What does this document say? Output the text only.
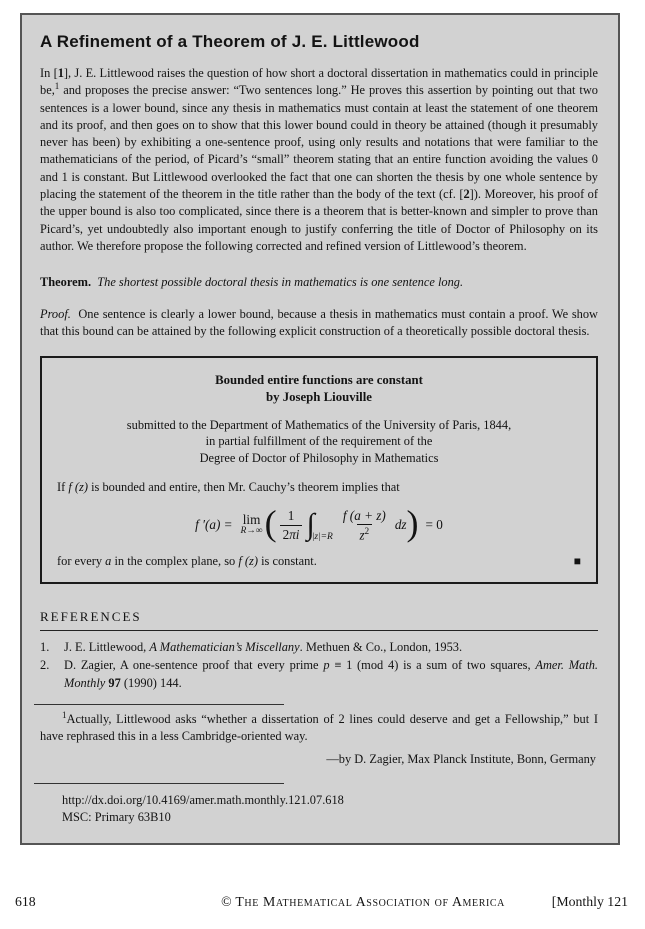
A Refinement of a Theorem of J. E. Littlewood

In [1], J. E. Littlewood raises the question of how short a doctoral dissertation in mathematics could in principle be,$^1$ and proposes the precise answer: “Two sentences long.” He proves this assertion by pointing out that two sentences is a lower bound, since any thesis in mathematics must contain at least the statement of one theorem and its proof, and then goes on to show that this lower bound could in theory be attained (though it presumably never has been) by exhibiting a one-sentence proof, using only results and notations that were familiar to the mathematicians of the period, of Picard’s “small” theorem stating that an entire function avoiding the values 0 and 1 is constant. But Littlewood overlooked the fact that one can shorten the thesis by one whole sentence by placing the statement of the theorem in the title rather than the body of the text (cf. [2]). Moreover, his proof of the upper bound is also too complicated, since there is a theorem that is better-known and simpler to prove than Picard’s, yet undoubtedly also important enough to justify conferring the title of Doctor of Philosophy on its author. We therefore propose the following corrected and refined version of Littlewood’s theorem.

Theorem. The shortest possible doctoral thesis in mathematics is one sentence long.

Proof. One sentence is clearly a lower bound, because a thesis in mathematics must contain a proof. We show that this bound can be attained by the following explicit construction of a theoretically possible doctoral thesis.

Bounded entire functions are constant
by Joseph Liouville

submitted to the Department of Mathematics of the University of Paris, 1844,
in partial fulfillment of the requirement of the
Degree of Doctor of Philosophy in Mathematics

If f (z) is bounded and entire, then Mr. Cauchy’s theorem implies that

f ′(a) = lim
R→∞ ( $\frac{1}{2\pi i}$ ∫
$|z|=R \frac{f (a + z)}{z^2}$ dz ) = 0
for every a in the complex plane, so f (z) is constant.	■
REFERENCES
1.	J. E. Littlewood, A Mathematician’s Miscellany. Methuen & Co., London, 1953.
2.	D. Zagier, A one-sentence proof that every prime p ≡ 1 (mod 4) is a sum of two squares, Amer. Math. Monthly 97 (1990) 144.

$^1$Actually, Littlewood asks “whether a dissertation of 2 lines could deserve and get a Fellowship,” but I have rephrased this in a less Cambridge-oriented way.

—by D. Zagier, Max Planck Institute, Bonn, Germany

http://dx.doi.org/10.4169/amer.math.monthly.121.07.618
MSC: Primary 63B10
618	© The Mathematical Association of America	[Monthly 121
